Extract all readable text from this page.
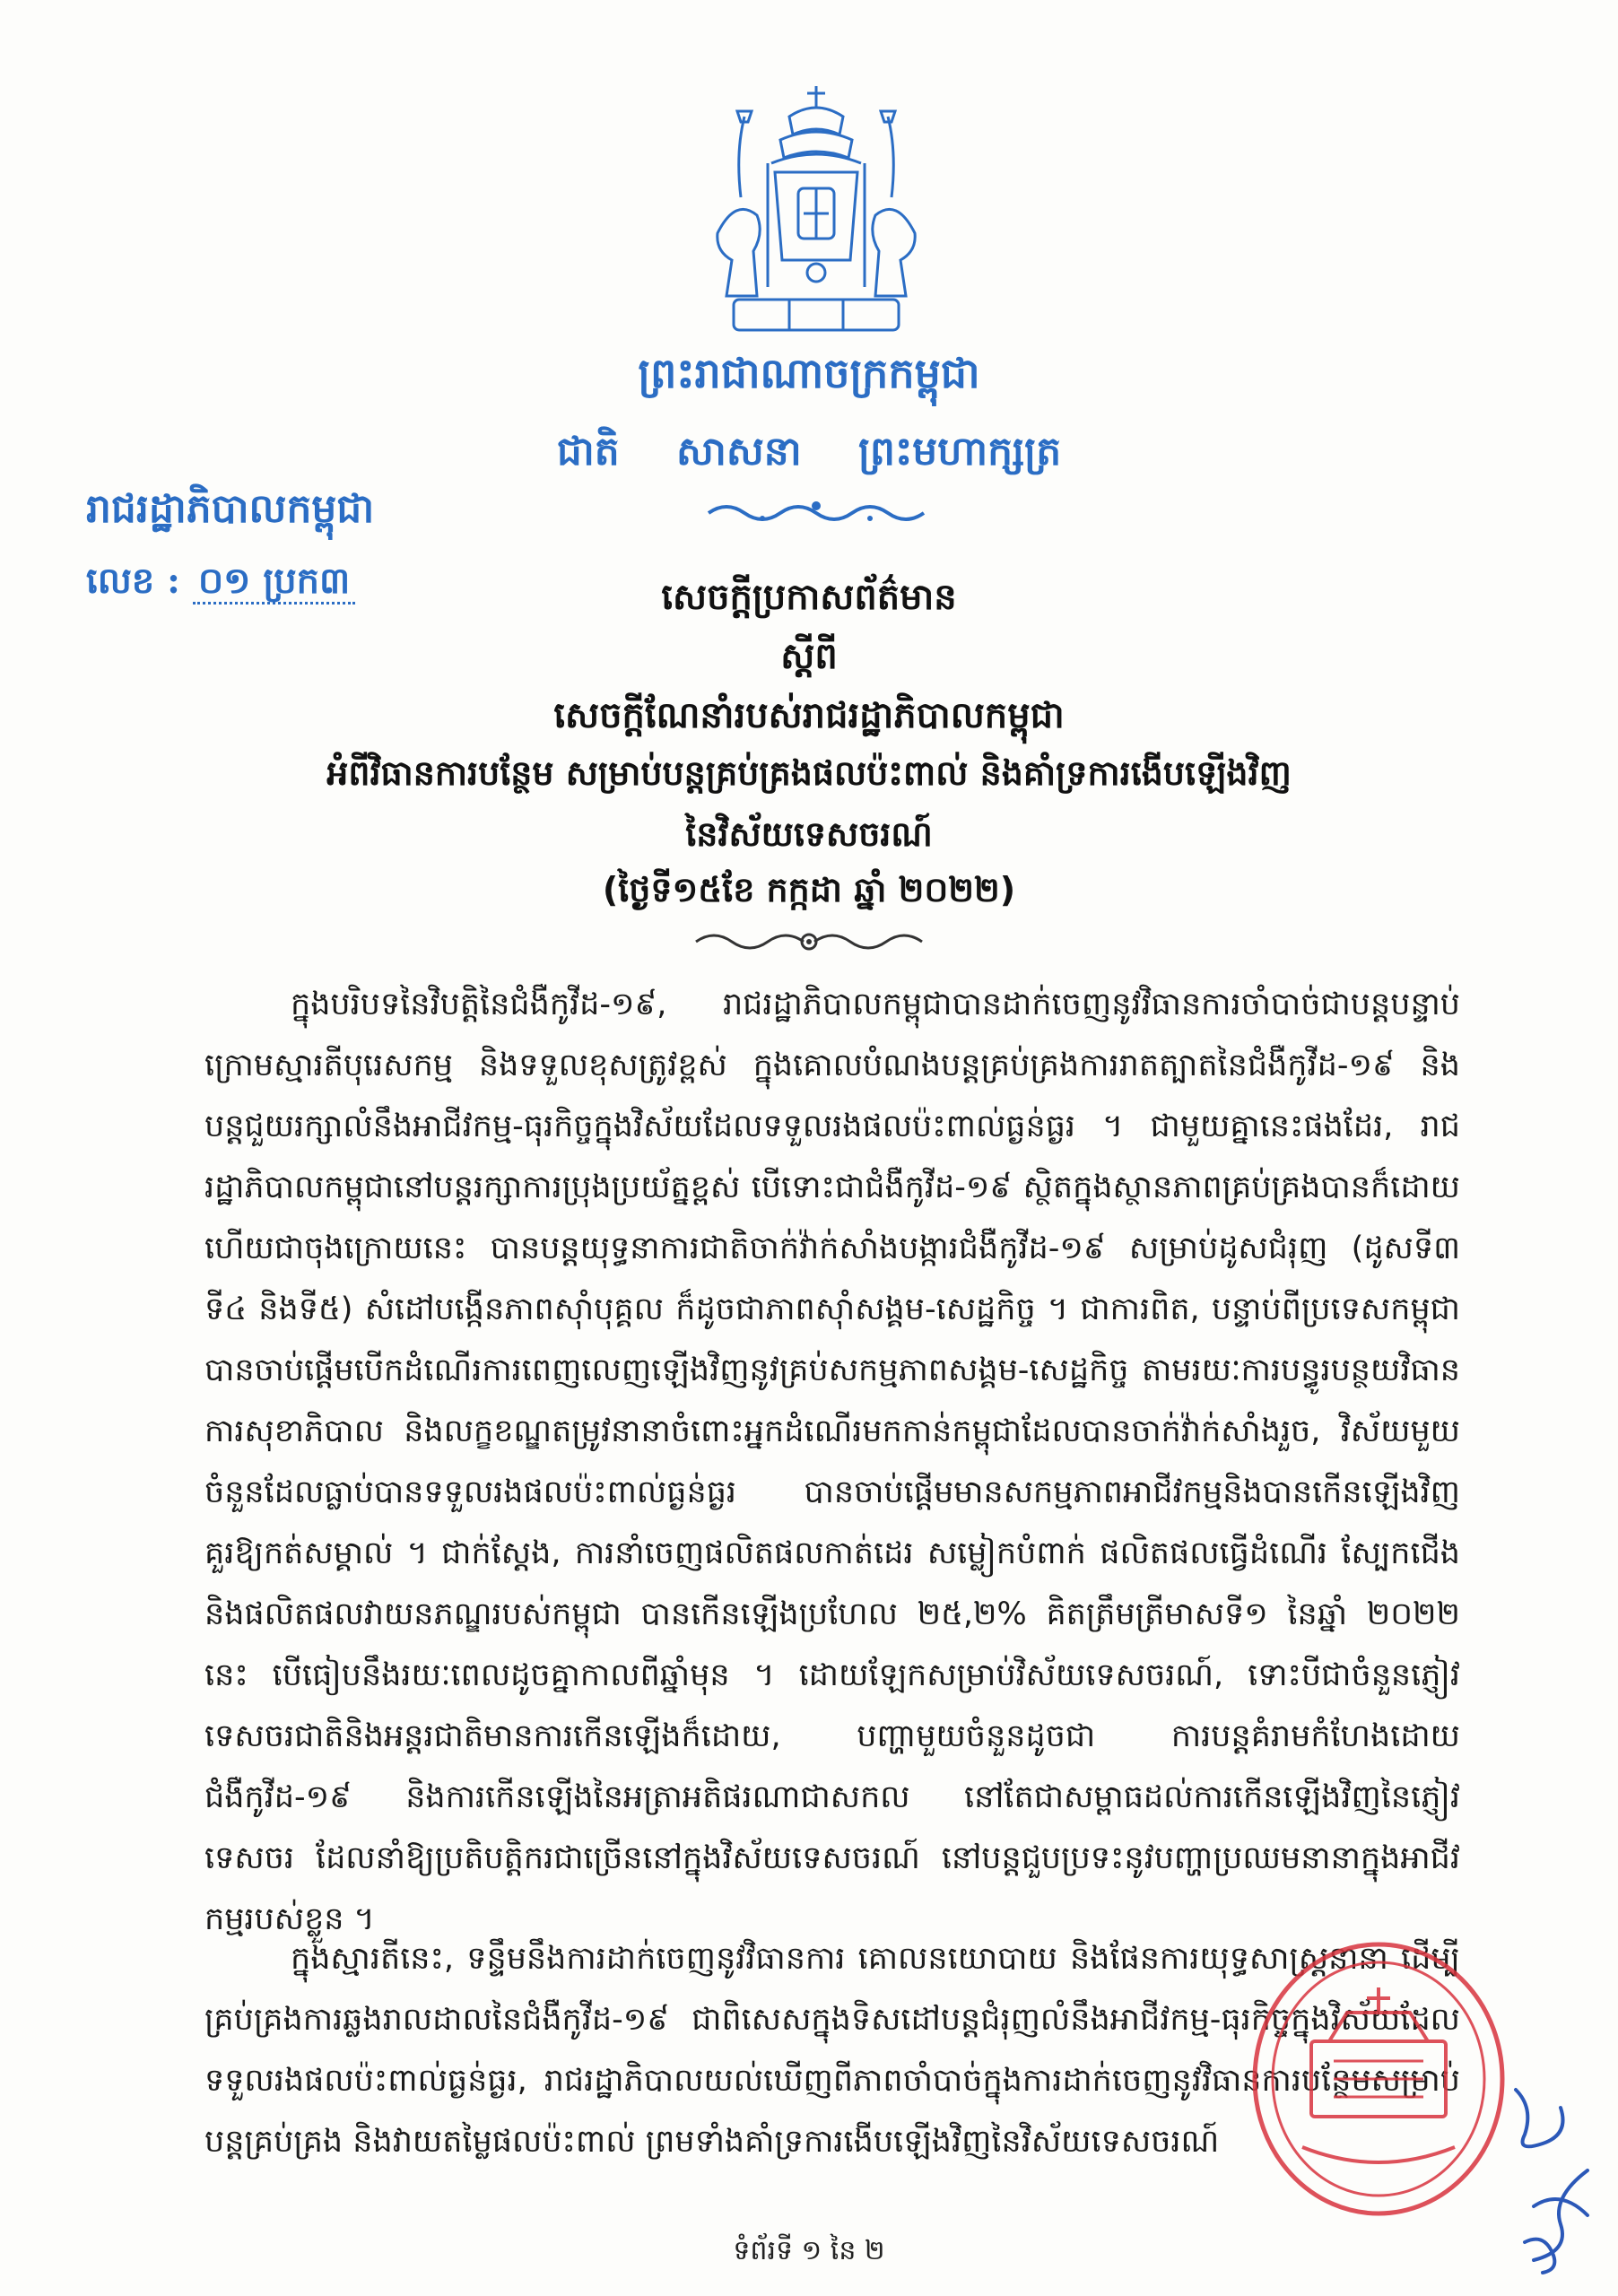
ព្រះរាជាណាចក្រកម្ពុជា
ជាតិ សាសនា ព្រះមហាក្សត្រ
រាជរដ្ឋាភិបាលកម្ពុជា
លេខ : ០១ ប្រក៣	សេចក្តីប្រកាសព័ត៌មាន
ស្តីពី
សេចក្តីណែនាំរបស់រាជរដ្ឋាភិបាលកម្ពុជា
អំពីវិធានការបន្ថែម សម្រាប់បន្តគ្រប់គ្រងផលប៉ះពាល់ និងគាំទ្រការងើបឡើងវិញ
នៃវិស័យទេសចរណ៍
(ថ្ងៃទី១៥ខែ កក្កដា ឆ្នាំ ២០២២)
ក្នុងបរិបទនៃវិបត្តិនៃជំងឺកូវីដ-១៩, រាជរដ្ឋាភិបាលកម្ពុជាបានដាក់ចេញនូវវិធានការចាំបាច់ជាបន្តបន្ទាប់ក្រោមស្មារតីបុរេសកម្ម និងទទួលខុសត្រូវខ្ពស់ ក្នុងគោលបំណងបន្តគ្រប់គ្រងការរាតត្បាតនៃជំងឺកូវីដ-១៩ និងបន្តជួយរក្សាលំនឹងអាជីវកម្ម-ធុរកិច្ចក្នុងវិស័យដែលទទួលរងផលប៉ះពាល់ធ្ងន់ធ្ងរ ។ ជាមួយគ្នានេះផងដែរ, រាជរដ្ឋាភិបាលកម្ពុជានៅបន្តរក្សាការប្រុងប្រយ័ត្នខ្ពស់ បើទោះជាជំងឺកូវីដ-១៩ ស្ថិតក្នុងស្ថានភាពគ្រប់គ្រងបានក៏ដោយ ហើយជាចុងក្រោយនេះ បានបន្តយុទ្ធនាការជាតិចាក់វ៉ាក់សាំងបង្ការជំងឺកូវីដ-១៩ សម្រាប់ដូសជំរុញ (ដូសទី៣ ទី៤ និងទី៥) សំដៅបង្កើនភាពស៊ាំបុគ្គល ក៏ដូចជាភាពស៊ាំសង្គម-សេដ្ឋកិច្ច ។ ជាការពិត, បន្ទាប់ពីប្រទេសកម្ពុជាបានចាប់ផ្តើមបើកដំណើរការពេញលេញឡើងវិញនូវគ្រប់សកម្មភាពសង្គម-សេដ្ឋកិច្ច តាមរយៈការបន្ធូរបន្ថយវិធានការសុខាភិបាល និងលក្ខខណ្ឌតម្រូវនានាចំពោះអ្នកដំណើរមកកាន់កម្ពុជាដែលបានចាក់វ៉ាក់សាំងរួច, វិស័យមួយចំនួនដែលធ្លាប់បានទទួលរងផលប៉ះពាល់ធ្ងន់ធ្ងរ បានចាប់ផ្តើមមានសកម្មភាពអាជីវកម្មនិងបានកើនឡើងវិញគួរឱ្យកត់សម្គាល់ ។ ជាក់ស្តែង, ការនាំចេញផលិតផលកាត់ដេរ សម្លៀកបំពាក់ ផលិតផលធ្វើដំណើរ ស្បែកជើង និងផលិតផលវាយនភណ្ឌរបស់កម្ពុជា បានកើនឡើងប្រហែល ២៥,២% គិតត្រឹមត្រីមាសទី១ នៃឆ្នាំ ២០២២ នេះ បើធៀបនឹងរយៈពេលដូចគ្នាកាលពីឆ្នាំមុន ។ ដោយឡែកសម្រាប់វិស័យទេសចរណ៍, ទោះបីជាចំនួនភ្ញៀវទេសចរជាតិនិងអន្តរជាតិមានការកើនឡើងក៏ដោយ, បញ្ហាមួយចំនួនដូចជា ការបន្តគំរាមកំហែងដោយជំងឺកូវីដ-១៩ និងការកើនឡើងនៃអត្រាអតិផរណាជាសកល នៅតែជាសម្ពាធដល់ការកើនឡើងវិញនៃភ្ញៀវទេសចរ ដែលនាំឱ្យប្រតិបត្តិករជាច្រើននៅក្នុងវិស័យទេសចរណ៍ នៅបន្តជួបប្រទះនូវបញ្ហាប្រឈមនានាក្នុងអាជីវកម្មរបស់ខ្លួន ។
ក្នុងស្មារតីនេះ, ទន្ទឹមនឹងការដាក់ចេញនូវវិធានការ គោលនយោបាយ និងផែនការយុទ្ធសាស្ត្រនានា ដើម្បីគ្រប់គ្រងការឆ្លងរាលដាលនៃជំងឺកូវីដ-១៩ ជាពិសេសក្នុងទិសដៅបន្តជំរុញលំនឹងអាជីវកម្ម-ធុរកិច្ចក្នុងវិស័យដែលទទួលរងផលប៉ះពាល់ធ្ងន់ធ្ងរ, រាជរដ្ឋាភិបាលយល់ឃើញពីភាពចាំបាច់ក្នុងការដាក់ចេញនូវវិធានការបន្ថែមសម្រាប់បន្តគ្រប់គ្រង និងវាយតម្លៃផលប៉ះពាល់ ព្រមទាំងគាំទ្រការងើបឡើងវិញនៃវិស័យទេសចរណ៍
ទំព័រទី ១ នៃ ២
